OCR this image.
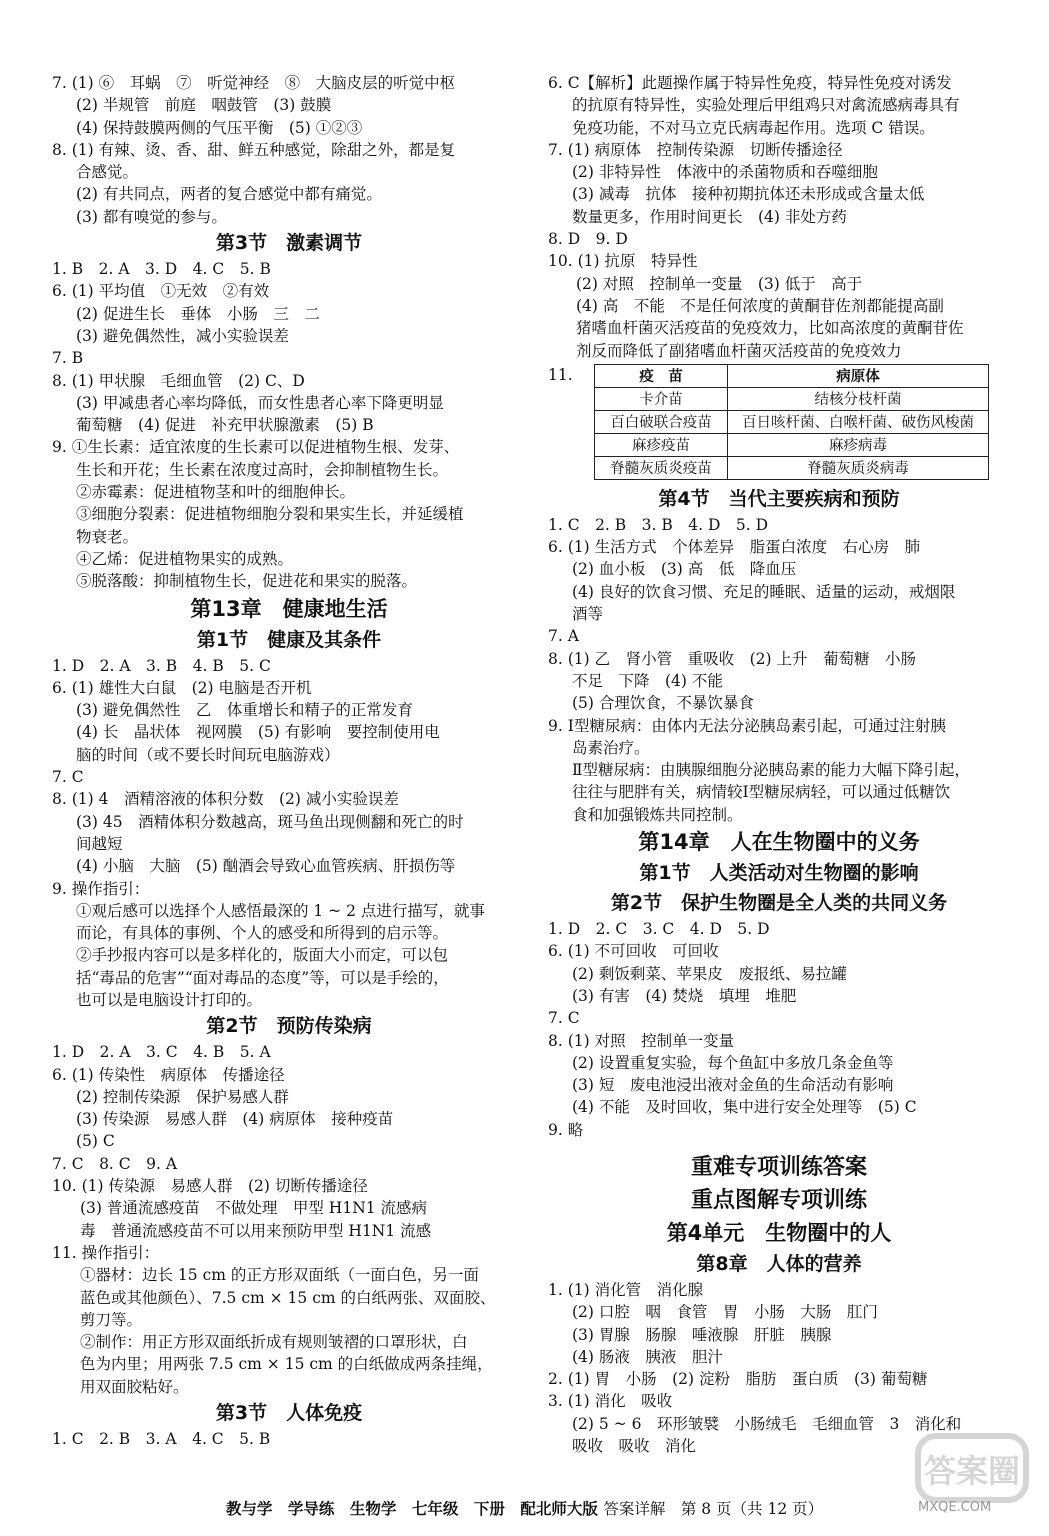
7. (1) ⑥　耳蜗　⑦　听觉神经　⑧　大脑皮层的听觉中枢
(2) 半规管　前庭　咽鼓管　(3) 鼓膜
(4) 保持鼓膜两侧的气压平衡　(5) ①②③
8. (1) 有辣、烫、香、甜、鲜五种感觉，除甜之外，都是复
合感觉。
(2) 有共同点，两者的复合感觉中都有痛觉。
(3) 都有嗅觉的参与。
第3节　激素调节
1. B　2. A　3. D　4. C　5. B
6. (1) 平均值　①无效　②有效
(2) 促进生长　垂体　小肠　三　二
(3) 避免偶然性，减小实验误差
7. B
8. (1) 甲状腺　毛细血管　(2) C、D
(3) 甲减患者心率均降低，而女性患者心率下降更明显
葡萄糖　(4) 促进　补充甲状腺激素　(5) B
9. ①生长素：适宜浓度的生长素可以促进植物生根、发芽、
生长和开花；生长素在浓度过高时，会抑制植物生长。
②赤霉素：促进植物茎和叶的细胞伸长。
③细胞分裂素：促进植物细胞分裂和果实生长，并延缓植
物衰老。
④乙烯：促进植物果实的成熟。
⑤脱落酸：抑制植物生长，促进花和果实的脱落。
第13章　健康地生活
第1节　健康及其条件
1. D　2. A　3. B　4. B　5. C
6. (1) 雄性大白鼠　(2) 电脑是否开机
(3) 避免偶然性　乙　体重增长和精子的正常发育
(4) 长　晶状体　视网膜　(5) 有影响　要控制使用电
脑的时间（或不要长时间玩电脑游戏）
7. C
8. (1) 4　酒精溶液的体积分数　(2) 减小实验误差
(3) 45　酒精体积分数越高，斑马鱼出现侧翻和死亡的时
间越短
(4) 小脑　大脑　(5) 酗酒会导致心血管疾病、肝损伤等
9. 操作指引：
①观后感可以选择个人感悟最深的 1 ~ 2 点进行描写，就事
而论，有具体的事例、个人的感受和所得到的启示等。
②手抄报内容可以是多样化的，版面大小而定，可以包
括“毒品的危害”“面对毒品的态度”等，可以是手绘的，
也可以是电脑设计打印的。
第2节　预防传染病
1. D　2. A　3. C　4. B　5. A
6. (1) 传染性　病原体　传播途径
(2) 控制传染源　保护易感人群
(3) 传染源　易感人群　(4) 病原体　接种疫苗
(5) C
7. C　8. C　9. A
10. (1) 传染源　易感人群　(2) 切断传播途径
(3) 普通流感疫苗　不做处理　甲型 H1N1 流感病
毒　普通流感疫苗不可以用来预防甲型 H1N1 流感
11. 操作指引：
①器材：边长 15 cm 的正方形双面纸（一面白色，另一面
蓝色或其他颜色）、7.5 cm × 15 cm 的白纸两张、双面胶、
剪刀等。
②制作：用正方形双面纸折成有规则皱褶的口罩形状，白
色为内里；用两张 7.5 cm × 15 cm 的白纸做成两条挂绳，
用双面胶粘好。
第3节　人体免疫
1. C　2. B　3. A　4. C　5. B
6. C【解析】此题操作属于特异性免疫，特异性免疫对诱发
的抗原有特异性，实验处理后甲组鸡只对禽流感病毒具有
免疫功能，不对马立克氏病毒起作用。选项 C 错误。
7. (1) 病原体　控制传染源　切断传播途径
(2) 非特异性　体液中的杀菌物质和吞噬细胞
(3) 减毒　抗体　接种初期抗体还未形成或含量太低
数量更多，作用时间更长　(4) 非处方药
8. D　9. D
10. (1) 抗原　特异性
(2) 对照　控制单一变量　(3) 低于　高于
(4) 高　不能　不是任何浓度的黄酮苷佐剂都能提高副
猪嗜血杆菌灭活疫苗的免疫效力，比如高浓度的黄酮苷佐
剂反而降低了副猪嗜血杆菌灭活疫苗的免疫效力
11.	疫　苗	病原体
卡介苗	结核分枝杆菌
百白破联合疫苗	百日咳杆菌、白喉杆菌、破伤风梭菌
麻疹疫苗	麻疹病毒
脊髓灰质炎疫苗	脊髓灰质炎病毒
第4节　当代主要疾病和预防
1. C　2. B　3. B　4. D　5. D
6. (1) 生活方式　个体差异　脂蛋白浓度　右心房　肺
(2) 血小板　(3) 高　低　降血压
(4) 良好的饮食习惯、充足的睡眠、适量的运动，戒烟限
酒等
7. A
8. (1) 乙　肾小管　重吸收　(2) 上升　葡萄糖　小肠
不足　下降　(4) 不能
(5) 合理饮食，不暴饮暴食
9. Ⅰ型糖尿病：由体内无法分泌胰岛素引起，可通过注射胰
岛素治疗。
Ⅱ型糖尿病：由胰腺细胞分泌胰岛素的能力大幅下降引起，
往往与肥胖有关，病情较Ⅰ型糖尿病轻，可以通过低糖饮
食和加强锻炼共同控制。
第14章　人在生物圈中的义务
第1节　人类活动对生物圈的影响
第2节　保护生物圈是全人类的共同义务
1. D　2. C　3. C　4. D　5. D
6. (1) 不可回收　可回收
(2) 剩饭剩菜、苹果皮　废报纸、易拉罐
(3) 有害　(4) 焚烧　填埋　堆肥
7. C
8. (1) 对照　控制单一变量
(2) 设置重复实验，每个鱼缸中多放几条金鱼等
(3) 短　废电池浸出液对金鱼的生命活动有影响
(4) 不能　及时回收，集中进行安全处理等　(5) C
9. 略
重难专项训练答案
重点图解专项训练
第4单元　生物圈中的人
第8章　人体的营养
1. (1) 消化管　消化腺
(2) 口腔　咽　食管　胃　小肠　大肠　肛门
(3) 胃腺　肠腺　唾液腺　肝脏　胰腺
(4) 肠液　胰液　胆汁
2. (1) 胃　小肠　(2) 淀粉　脂肪　蛋白质　(3) 葡萄糖
3. (1) 消化　吸收
(2) 5 ~ 6　环形皱襞　小肠绒毛　毛细血管　3　消化和
吸收　吸收　消化
教与学　学导练　生物学　七年级　下册　配北师大版 答案详解　第 8 页（共 12 页）
答案圈
MXQE.COM
